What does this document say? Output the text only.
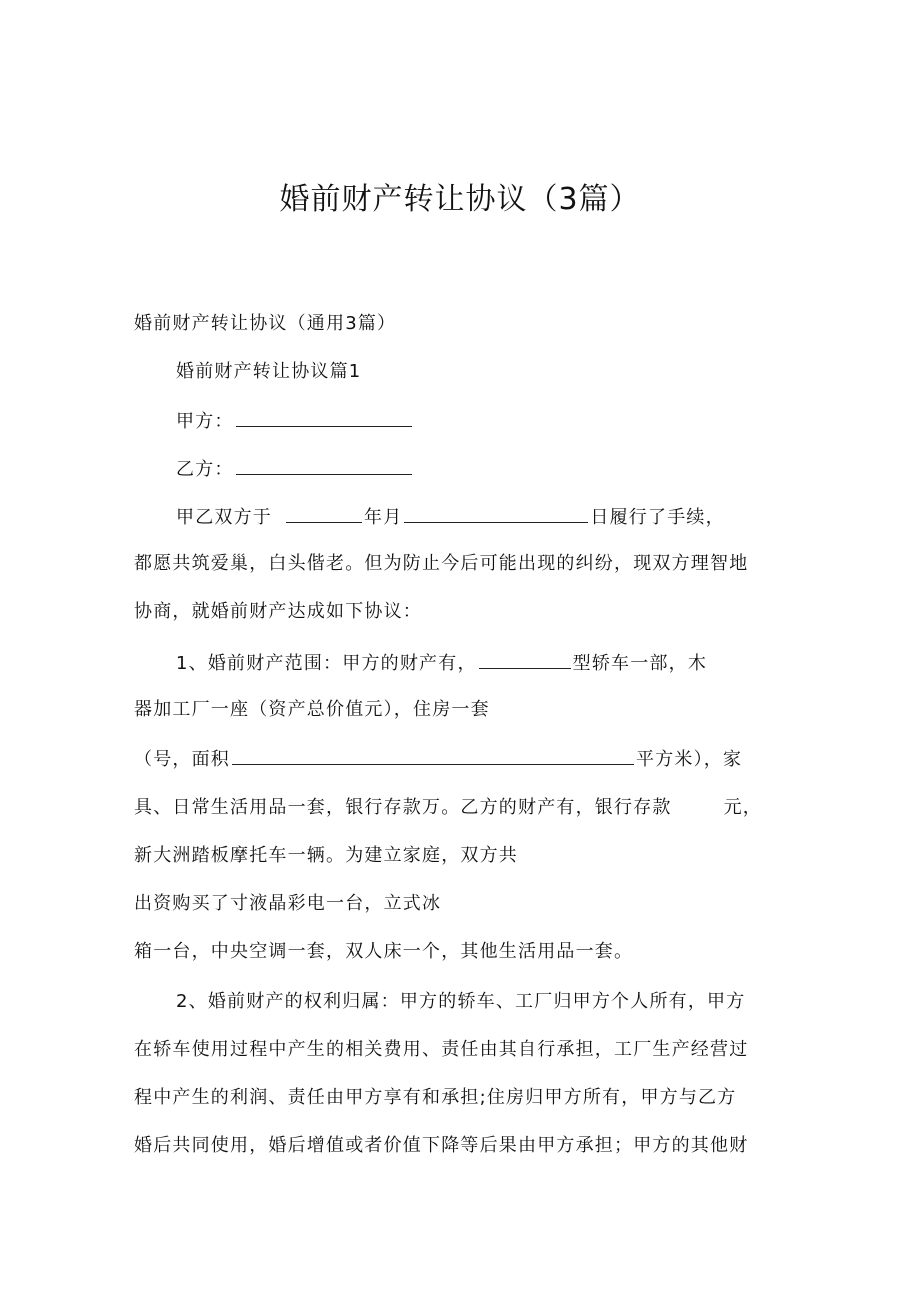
婚前财产转让协议（3篇）
婚前财产转让协议（通用3篇）
婚前财产转让协议篇1
甲方：
乙方：
甲乙双方于	年月	日履行了手续，
都愿共筑爱巢，白头偕老。但为防止今后可能出现的纠纷，现双方理智地
协商，就婚前财产达成如下协议：
1、婚前财产范围：甲方的财产有，	型轿车一部，木
器加工厂一座（资产总价值元），住房一套
（号，面积	平方米），家
具、日常生活用品一套，银行存款万。乙方的财产有，银行存款	元，
新大洲踏板摩托车一辆。为建立家庭，双方共
出资购买了寸液晶彩电一台，立式冰
箱一台，中央空调一套，双人床一个，其他生活用品一套。
2、婚前财产的权利归属：甲方的轿车、工厂归甲方个人所有，甲方
在轿车使用过程中产生的相关费用、责任由其自行承担，工厂生产经营过
程中产生的利润、责任由甲方享有和承担;住房归甲方所有，甲方与乙方
婚后共同使用，婚后增值或者价值下降等后果由甲方承担；甲方的其他财
